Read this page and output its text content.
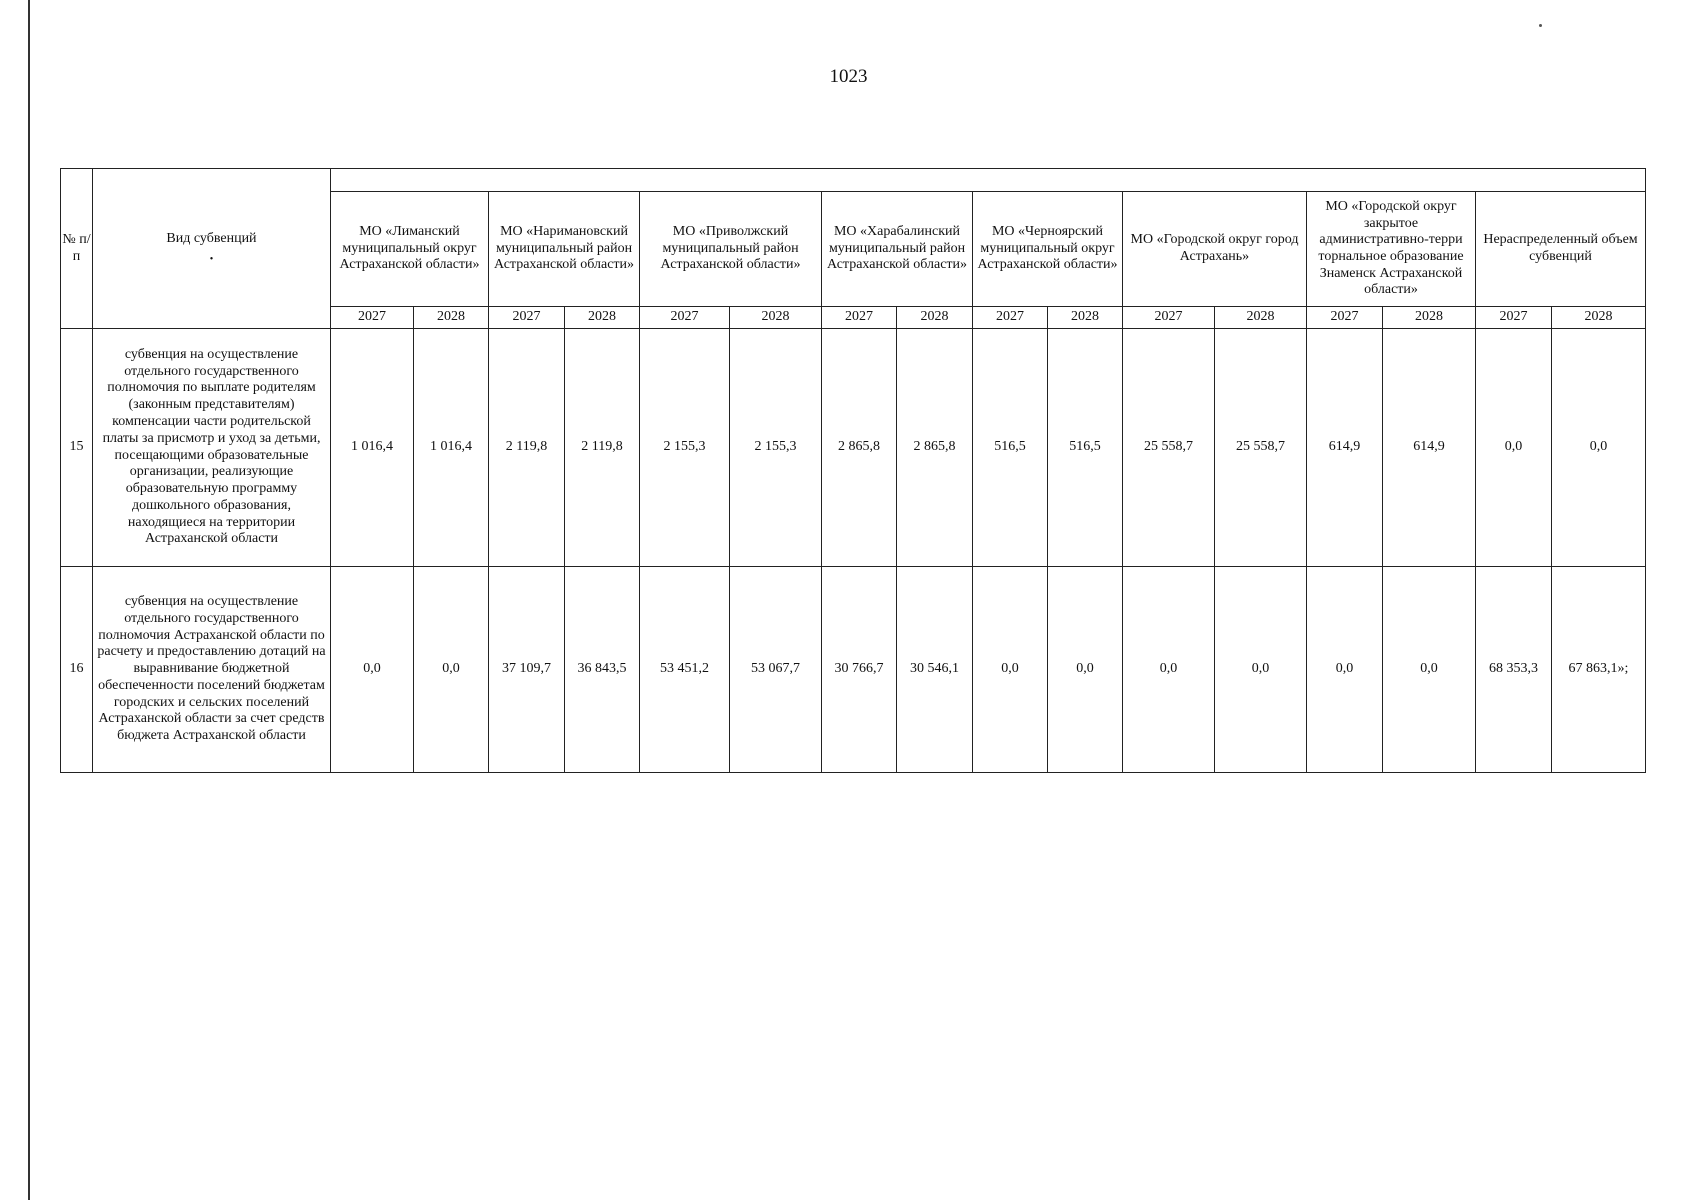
1023
№ п/п	Вид субвенций
•																

		МО «Лиманский муниципальный округ Астраханской области»		МО «Наримановский муниципальный район Астраханской области»		МО «Приволжский муниципальный район Астраханской области»		МО «Харабалинский муниципальный район Астраханской области»		МО «Черноярский муниципальный округ Астраханской области»		МО «Городской округ город Астрахань»		МО «Городской округ закрытое административно-терри торнальное образование Знаменск Астраханской области»		Нераспределенный объем субвенций	
		2027	2028	2027	2028	2027	2028	2027	2028	2027	2028	2027	2028	2027	2028	2027	2028
15	субвенция на осуществление отдельного государственного полномочия по выплате родителям (законным представителям) компенсации части родительской платы за присмотр и уход за детьми, посещающими образовательные организации, реализующие образовательную программу дошкольного образования, находящиеся на территории Астраханской области	1 016,4	1 016,4	2 119,8	2 119,8	2 155,3	2 155,3	2 865,8	2 865,8	516,5	516,5	25 558,7	25 558,7	614,9	614,9	0,0	0,0
16	субвенция на осуществление отдельного государственного полномочия Астраханской области по расчету и предоставлению дотаций на выравнивание бюджетной обеспеченности поселений бюджетам городских и сельских поселений Астраханской области за счет средств бюджета Астраханской области	0,0	0,0	37 109,7	36 843,5	53 451,2	53 067,7	30 766,7	30 546,1	0,0	0,0	0,0	0,0	0,0	0,0	68 353,3	67 863,1»;
